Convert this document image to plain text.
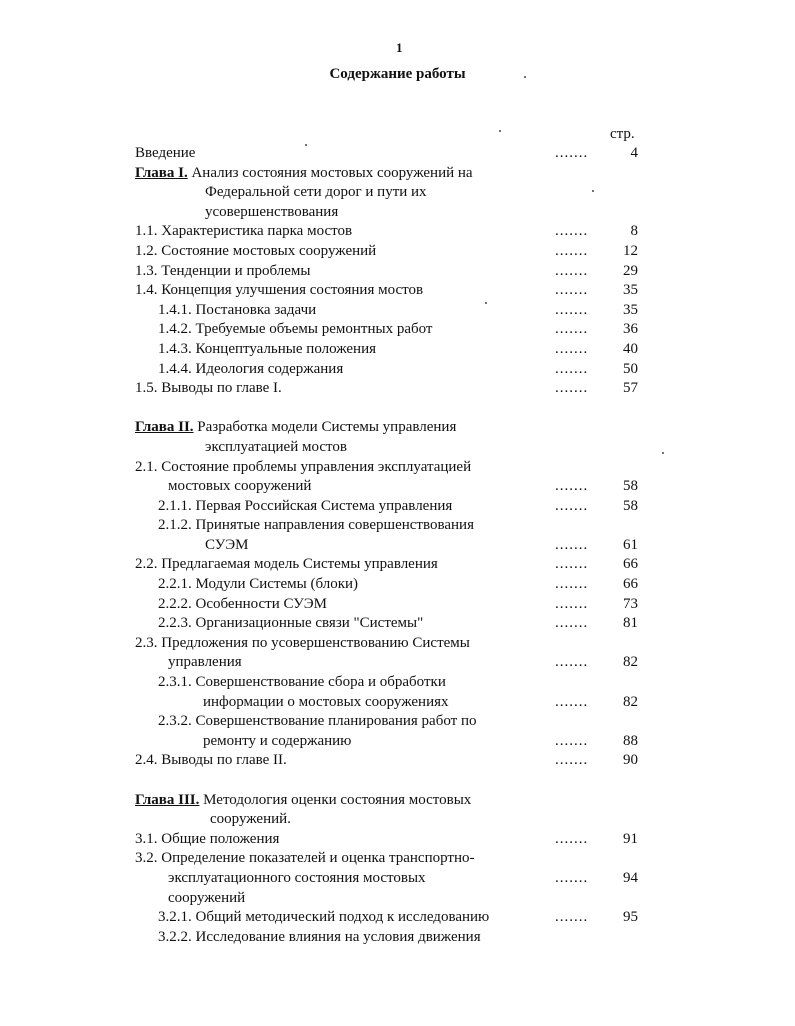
1
Содержание работы
стр.
Введение	.......	4
Глава I. Анализ состояния мостовых сооружений на
Федеральной сети дорог и пути их
усовершенствования
1.1. Характеристика парка мостов	.......	8
1.2. Состояние мостовых сооружений	....... 12
1.3. Тенденции и проблемы	....... 29
1.4. Концепция улучшения состояния мостов	....... 35
1.4.1. Постановка задачи	....... 35
1.4.2. Требуемые объемы ремонтных работ	....... 36
1.4.3. Концептуальные положения	....... 40
1.4.4. Идеология содержания	....... 50
1.5. Выводы по главе I.	....... 57
Глава II. Разработка модели Системы управления
эксплуатацией мостов
2.1. Состояние проблемы управления эксплуатацией
мостовых сооружений	....... 58
2.1.1. Первая Российская Система управления	....... 58
2.1.2. Принятые направления совершенствования
СУЭМ	....... 61
2.2. Предлагаемая модель Системы управления	....... 66
2.2.1. Модули Системы (блоки)	....... 66
2.2.2. Особенности СУЭМ	....... 73
2.2.3. Организационные связи "Системы"	....... 81
2.3. Предложения по усовершенствованию Системы
управления	....... 82
2.3.1. Совершенствование сбора и обработки
информации о мостовых сооружениях	....... 82
2.3.2. Совершенствование планирования работ по
ремонту и содержанию	....... 88
2.4. Выводы по главе II.	....... 90
Глава III. Методология оценки состояния мостовых
сооружений.
3.1. Общие положения	....... 91
3.2. Определение показателей и оценка транспортно-
эксплуатационного состояния мостовых	....... 94
сооружений
3.2.1. Общий методический подход к исследованию	....... 95
3.2.2. Исследование влияния на условия движения
